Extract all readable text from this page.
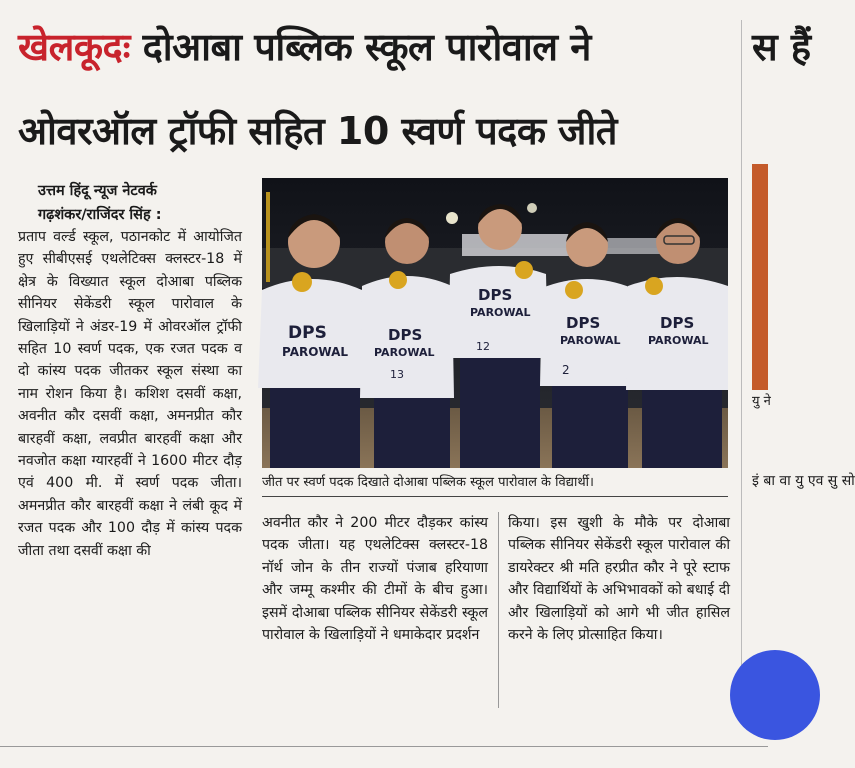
खेलकूदः दोआबा पब्लिक स्कूल पारोवाल ने
ओवरऑल ट्रॉफी सहित 10 स्वर्ण पदक जीते
उत्तम हिंदू न्यूज नेटवर्क
गढ़शंकर/राजिंदर सिंह :
प्रताप वर्ल्ड स्कूल, पठानकोट में आयोजित हुए सीबीएसई एथलेटिक्स क्लस्टर-18 में क्षेत्र के विख्यात स्कूल दोआबा पब्लिक सीनियर सेकेंडरी स्कूल पारोवाल के खिलाड़ियों ने अंडर-19 में ओवरऑल ट्रॉफी सहित 10 स्वर्ण पदक, एक रजत पदक व दो कांस्य पदक जीतकर स्कूल संस्था का नाम रोशन किया है। कशिश दसवीं कक्षा, अवनीत कौर दसवीं कक्षा, अमनप्रीत कौर बारहवीं कक्षा, लवप्रीत बारहवीं कक्षा और नवजोत कक्षा ग्यारहवीं ने 1600 मीटर दौड़ एवं 400 मी. में स्वर्ण पदक जीता। अमनप्रीत कौर बारहवीं कक्षा ने लंबी कूद में रजत पदक और 100 दौड़ में कांस्य पदक जीता तथा दसवीं कक्षा की
DPS
PAROWAL
DPS
PAROWAL
13
DPS
PAROWAL
12
DPS
PAROWAL
2
DPS
PAROWAL
जीत पर स्वर्ण पदक दिखाते दोआबा पब्लिक स्कूल पारोवाल के विद्यार्थी।
अवनीत कौर ने 200 मीटर दौड़कर कांस्य पदक जीता। यह एथलेटिक्स क्लस्टर-18 नॉर्थ जोन के तीन राज्यों पंजाब हरियाणा और जम्मू कश्मीर की टीमों के बीच हुआ। इसमें दोआबा पब्लिक सीनियर सेकेंडरी स्कूल पारोवाल के खिलाड़ियों ने धमाकेदार प्रदर्शन
किया। इस खुशी के मौके पर दोआबा पब्लिक सीनियर सेकेंडरी स्कूल पारोवाल की डायरेक्टर श्री मति हरप्रीत कौर ने पूरे स्टाफ और विद्यार्थियों के अभिभावकों को बधाई दी और खिलाड़ियों को आगे भी जीत हासिल करने के लिए प्रोत्साहित किया।
स हैं
यु ने
इं बा वा यु एव सु सो
